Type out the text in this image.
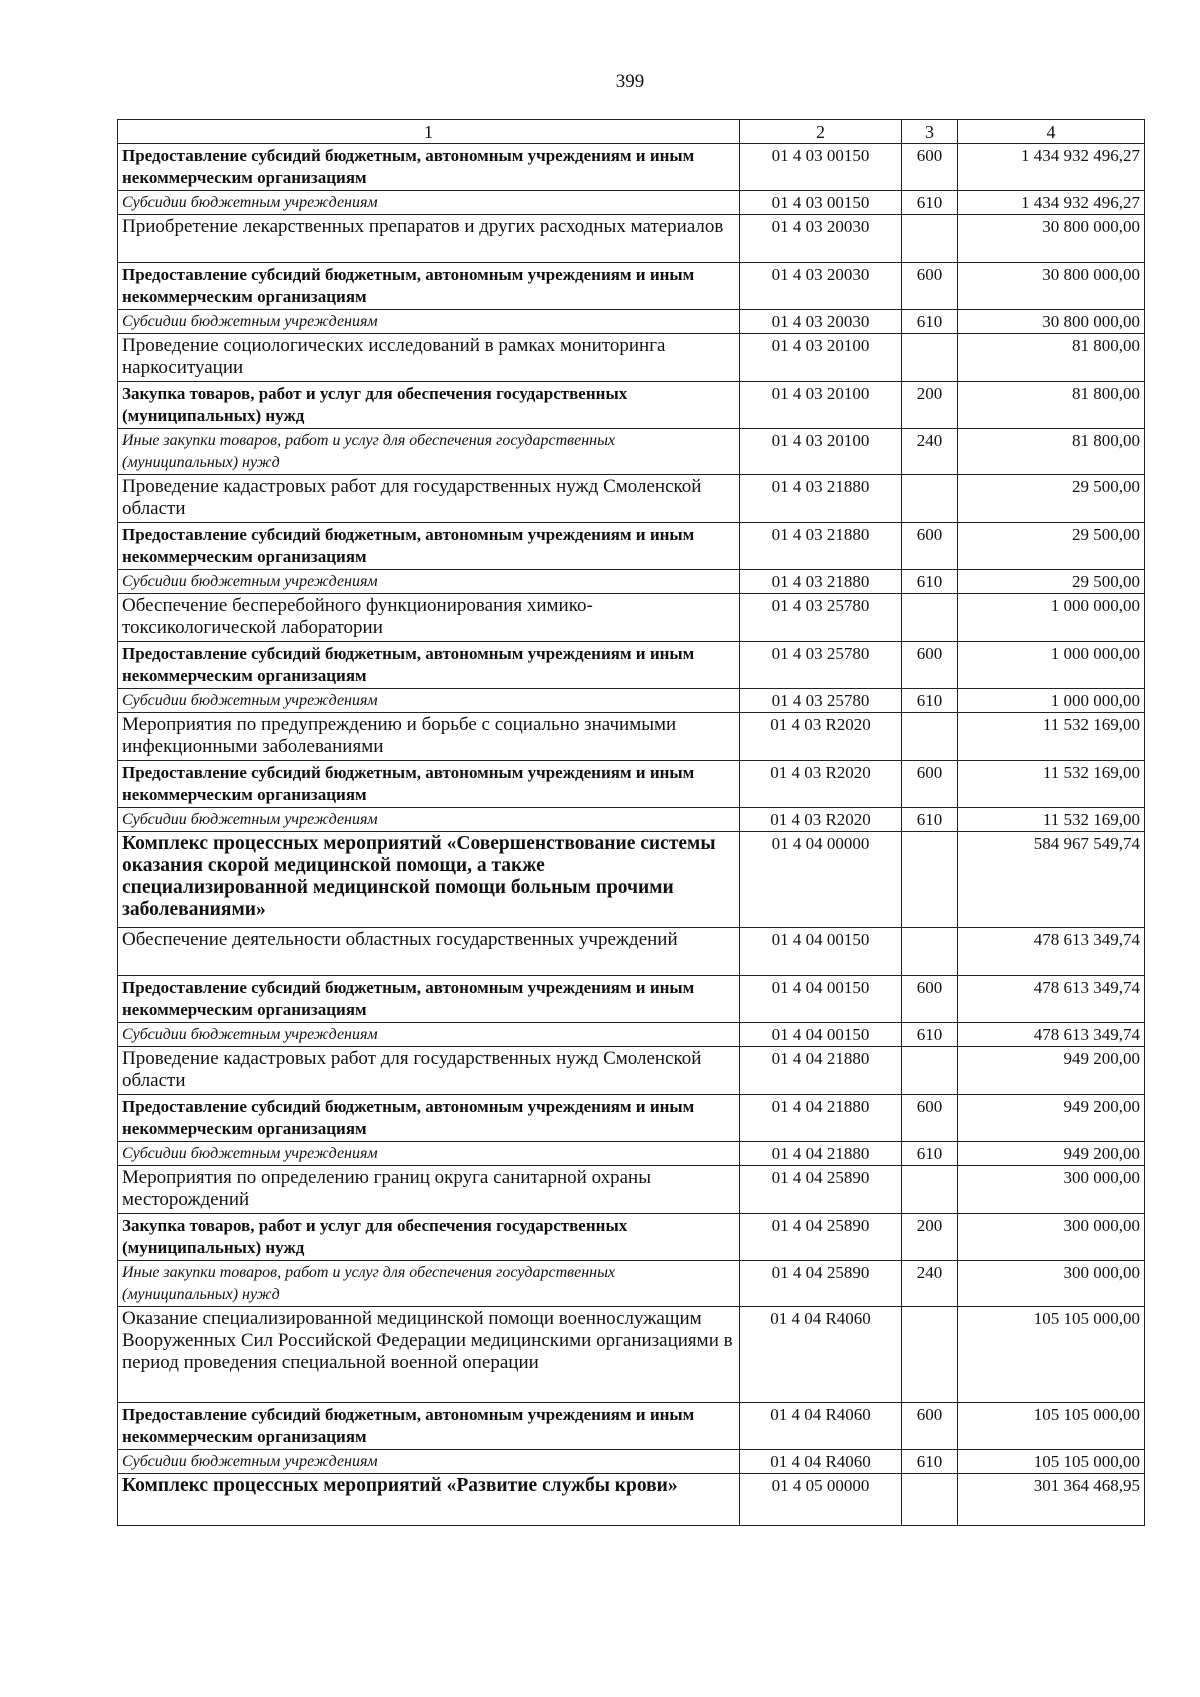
399
1	2	3	4
Предоставление субсидий бюджетным, автономным учреждениям и иным некоммерческим организациям	01 4 03 00150	600	1 434 932 496,27
Субсидии бюджетным учреждениям	01 4 03 00150	610	1 434 932 496,27
Приобретение лекарственных препаратов и других расходных материалов	01 4 03 20030		30 800 000,00
Предоставление субсидий бюджетным, автономным учреждениям и иным некоммерческим организациям	01 4 03 20030	600	30 800 000,00
Субсидии бюджетным учреждениям	01 4 03 20030	610	30 800 000,00
Проведение социологических исследований в рамках мониторинга наркоситуации	01 4 03 20100		81 800,00
Закупка товаров, работ и услуг для обеспечения государственных (муниципальных) нужд	01 4 03 20100	200	81 800,00
Иные закупки товаров, работ и услуг для обеспечения государственных (муниципальных) нужд	01 4 03 20100	240	81 800,00
Проведение кадастровых работ для государственных нужд Смоленской области	01 4 03 21880		29 500,00
Предоставление субсидий бюджетным, автономным учреждениям и иным некоммерческим организациям	01 4 03 21880	600	29 500,00
Субсидии бюджетным учреждениям	01 4 03 21880	610	29 500,00
Обеспечение бесперебойного функционирования химико-токсикологической лаборатории	01 4 03 25780		1 000 000,00
Предоставление субсидий бюджетным, автономным учреждениям и иным некоммерческим организациям	01 4 03 25780	600	1 000 000,00
Субсидии бюджетным учреждениям	01 4 03 25780	610	1 000 000,00
Мероприятия по предупреждению и борьбе с социально значимыми инфекционными заболеваниями	01 4 03 R2020		11 532 169,00
Предоставление субсидий бюджетным, автономным учреждениям и иным некоммерческим организациям	01 4 03 R2020	600	11 532 169,00
Субсидии бюджетным учреждениям	01 4 03 R2020	610	11 532 169,00
Комплекс процессных мероприятий «Совершенствование системы оказания скорой медицинской помощи, а также специализированной медицинской помощи больным прочими заболеваниями»	01 4 04 00000		584 967 549,74
Обеспечение деятельности областных государственных учреждений	01 4 04 00150		478 613 349,74
Предоставление субсидий бюджетным, автономным учреждениям и иным некоммерческим организациям	01 4 04 00150	600	478 613 349,74
Субсидии бюджетным учреждениям	01 4 04 00150	610	478 613 349,74
Проведение кадастровых работ для государственных нужд Смоленской области	01 4 04 21880		949 200,00
Предоставление субсидий бюджетным, автономным учреждениям и иным некоммерческим организациям	01 4 04 21880	600	949 200,00
Субсидии бюджетным учреждениям	01 4 04 21880	610	949 200,00
Мероприятия по определению границ округа санитарной охраны месторождений	01 4 04 25890		300 000,00
Закупка товаров, работ и услуг для обеспечения государственных (муниципальных) нужд	01 4 04 25890	200	300 000,00
Иные закупки товаров, работ и услуг для обеспечения государственных (муниципальных) нужд	01 4 04 25890	240	300 000,00
Оказание специализированной медицинской помощи военнослужащим Вооруженных Сил Российской Федерации медицинскими организациями в период проведения специальной военной операции	01 4 04 R4060		105 105 000,00
Предоставление субсидий бюджетным, автономным учреждениям и иным некоммерческим организациям	01 4 04 R4060	600	105 105 000,00
Субсидии бюджетным учреждениям	01 4 04 R4060	610	105 105 000,00
Комплекс процессных мероприятий «Развитие службы крови»	01 4 05 00000		301 364 468,95
